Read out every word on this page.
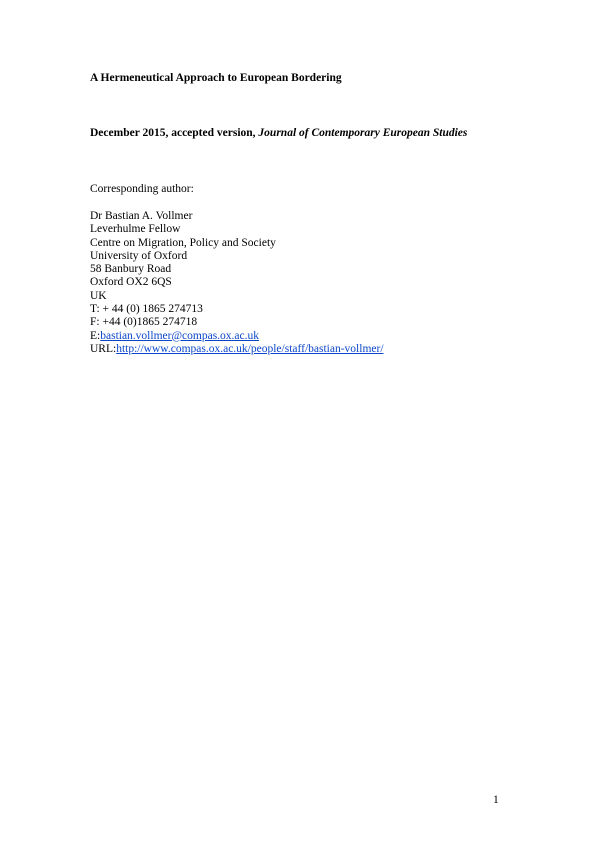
A Hermeneutical Approach to European Bordering
December 2015, accepted version, Journal of Contemporary European Studies
Corresponding author:
Dr Bastian A. Vollmer
Leverhulme Fellow
Centre on Migration, Policy and Society
University of Oxford
58 Banbury Road
Oxford OX2 6QS
UK
T: + 44 (0) 1865 274713
F: +44 (0)1865 274718
E:bastian.vollmer@compas.ox.ac.uk
URL:http://www.compas.ox.ac.uk/people/staff/bastian-vollmer/
1
